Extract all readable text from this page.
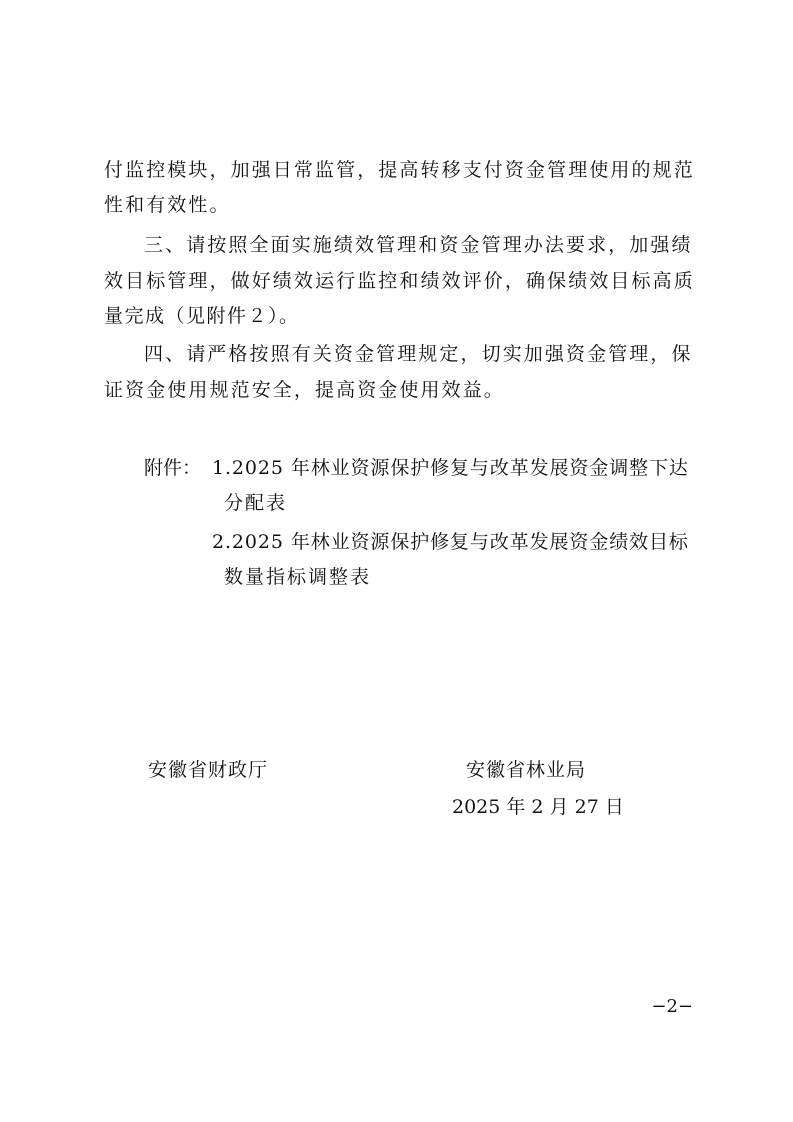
付监控模块，加强日常监管，提高转移支付资金管理使用的规范
性和有效性。
三、请按照全面实施绩效管理和资金管理办法要求，加强绩
效目标管理，做好绩效运行监控和绩效评价，确保绩效目标高质
量完成（见附件２）。
四、请严格按照有关资金管理规定，切实加强资金管理，保
证资金使用规范安全，提高资金使用效益。
附件： 1.2025 年林业资源保护修复与改革发展资金调整下达
分配表
2.2025 年林业资源保护修复与改革发展资金绩效目标
数量指标调整表
安徽省财政厅	安徽省林业局
2025 年 2 月 27 日
−2−
